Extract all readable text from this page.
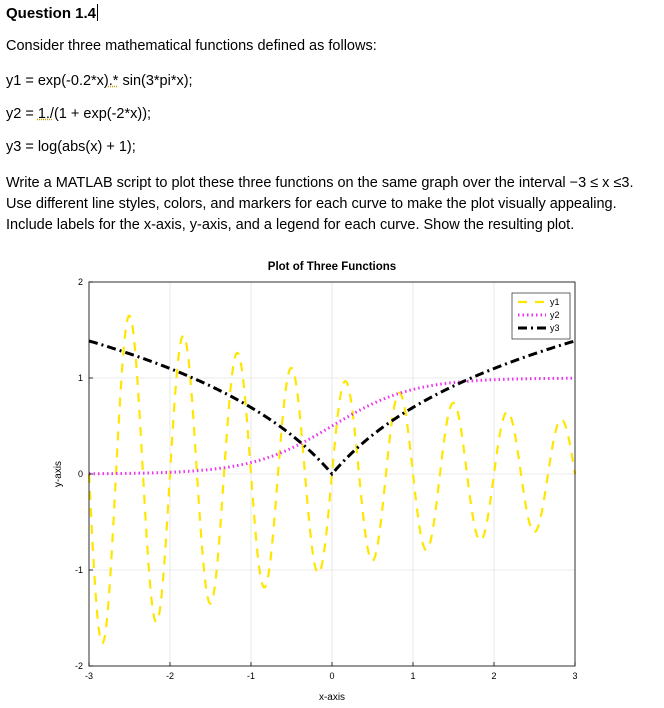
Question 1.4
Consider three mathematical functions defined as follows:
y1 = exp(-0.2*x).* sin(3*pi*x);
y2 = 1./(1 + exp(-2*x));
y3 = log(abs(x) + 1);

Write a MATLAB script to plot these three functions on the same graph over the interval −3 ≤ x ≤3.

Use different line styles, colors, and markers for each curve to make the plot visually appealing.

Include labels for the x-axis, y-axis, and a legend for each curve. Show the resulting plot.

Plot of Three Functions
-3	-2	-1	0	1	2	3
-2
-1
0
1
2
x-axis
y-axis
y1
y2
y3
